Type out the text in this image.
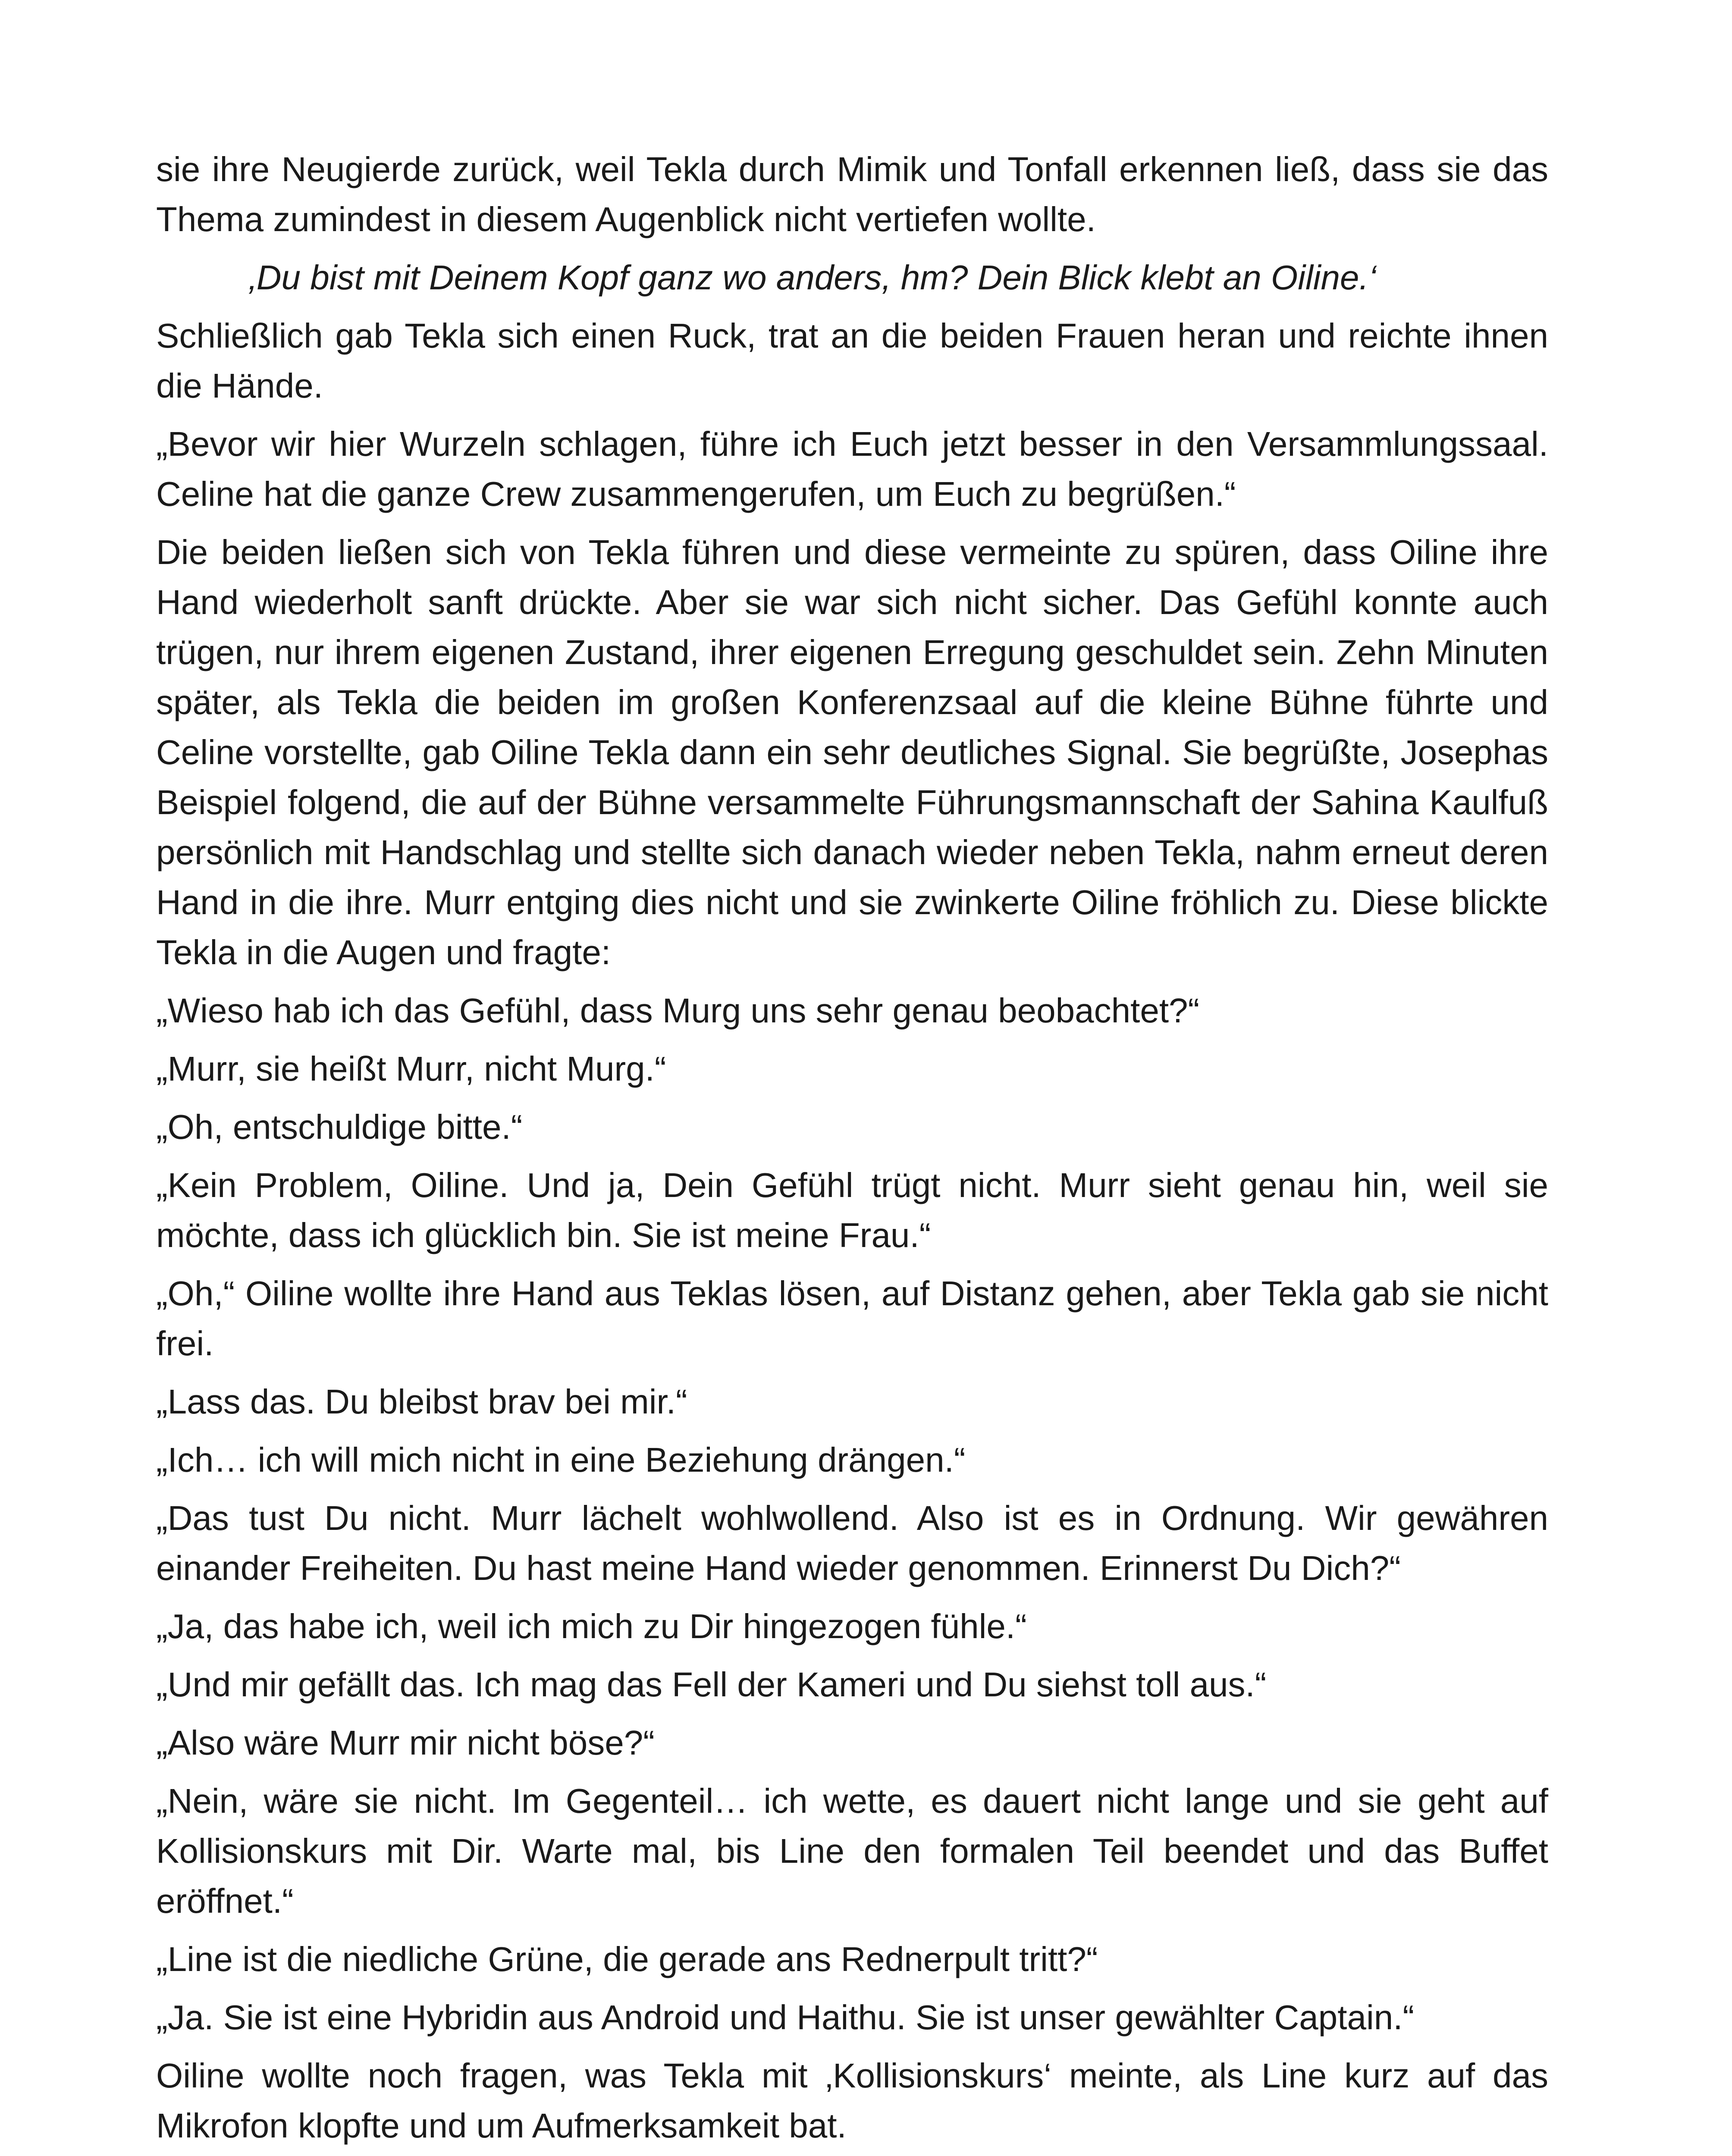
sie ihre Neugierde zurück, weil Tekla durch Mimik und Tonfall erkennen ließ, dass sie das Thema zumindest in diesem Augenblick nicht vertiefen wollte.

‚Du bist mit Deinem Kopf ganz wo anders, hm? Dein Blick klebt an Oiline.‘

Schließlich gab Tekla sich einen Ruck, trat an die beiden Frauen heran und reichte ihnen die Hände.

„Bevor wir hier Wurzeln schlagen, führe ich Euch jetzt besser in den Versammlungssaal. Celine hat die ganze Crew zusammengerufen, um Euch zu begrüßen.“

Die beiden ließen sich von Tekla führen und diese vermeinte zu spüren, dass Oiline ihre Hand wiederholt sanft drückte. Aber sie war sich nicht sicher. Das Gefühl konnte auch trügen, nur ihrem eigenen Zustand, ihrer eigenen Erregung geschuldet sein. Zehn Minuten später, als Tekla die beiden im großen Konferenzsaal auf die kleine Bühne führte und Celine vorstellte, gab Oiline Tekla dann ein sehr deutliches Signal. Sie begrüßte, Josephas Beispiel folgend, die auf der Bühne versammelte Führungsmannschaft der Sahina Kaulfuß persönlich mit Handschlag und stellte sich danach wieder neben Tekla, nahm erneut deren Hand in die ihre. Murr entging dies nicht und sie zwinkerte Oiline fröhlich zu. Diese blickte Tekla in die Augen und fragte:

„Wieso hab ich das Gefühl, dass Murg uns sehr genau beobachtet?“

„Murr, sie heißt Murr, nicht Murg.“

„Oh, entschuldige bitte.“

„Kein Problem, Oiline. Und ja, Dein Gefühl trügt nicht. Murr sieht genau hin, weil sie möchte, dass ich glücklich bin. Sie ist meine Frau.“

„Oh,“ Oiline wollte ihre Hand aus Teklas lösen, auf Distanz gehen, aber Tekla gab sie nicht frei.

„Lass das. Du bleibst brav bei mir.“

„Ich… ich will mich nicht in eine Beziehung drängen.“

„Das tust Du nicht. Murr lächelt wohlwollend. Also ist es in Ordnung. Wir gewähren einander Freiheiten. Du hast meine Hand wieder genommen. Erinnerst Du Dich?“

„Ja, das habe ich, weil ich mich zu Dir hingezogen fühle.“

„Und mir gefällt das. Ich mag das Fell der Kameri und Du siehst toll aus.“

„Also wäre Murr mir nicht böse?“

„Nein, wäre sie nicht. Im Gegenteil… ich wette, es dauert nicht lange und sie geht auf Kollisionskurs mit Dir. Warte mal, bis Line den formalen Teil beendet und das Buffet eröffnet.“

„Line ist die niedliche Grüne, die gerade ans Rednerpult tritt?“

„Ja. Sie ist eine Hybridin aus Android und Haithu. Sie ist unser gewählter Captain.“

Oiline wollte noch fragen, was Tekla mit ‚Kollisionskurs‘ meinte, als Line kurz auf das Mikrofon klopfte und um Aufmerksamkeit bat.
